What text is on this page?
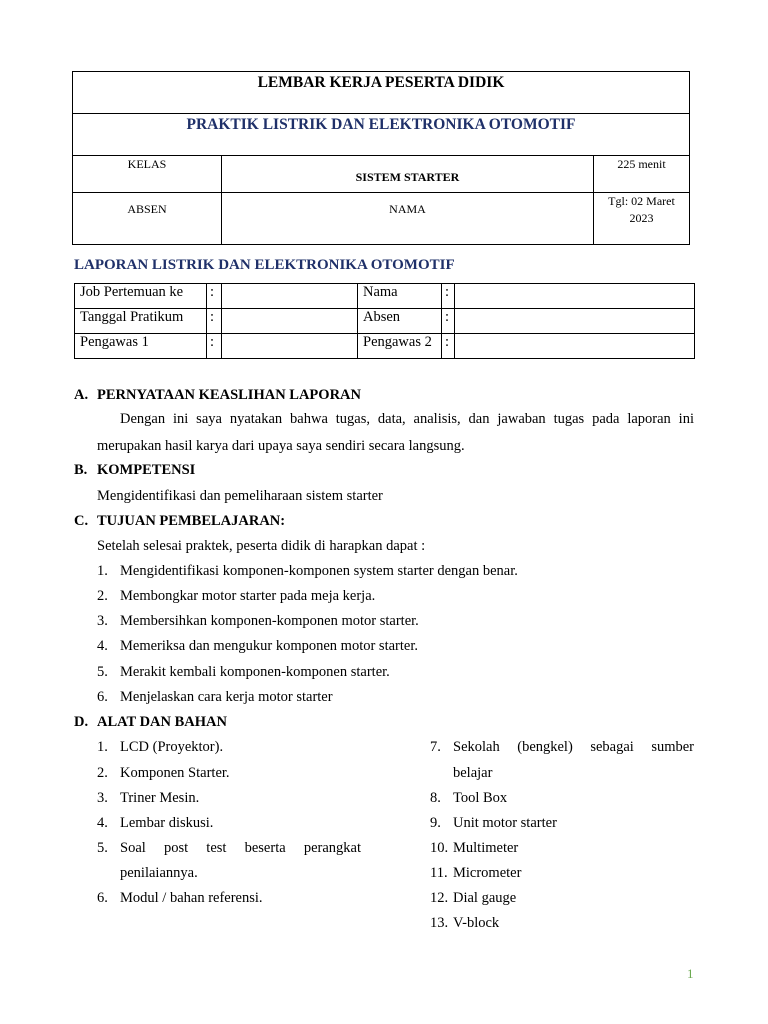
LEMBAR KERJA PESERTA DIDIK		

PRAKTIK LISTRIK DAN ELEKTRONIKA OTOMOTIF		

KELAS	SISTEM STARTER	225 menit

ABSEN	NAMA	Tgl: 02 Maret
2023
LAPORAN LISTRIK DAN ELEKTRONIKA OTOMOTIF
Job Pertemuan ke	:		Nama	:	
Tanggal Pratikum	:		Absen	:	
Pengawas 1	:		Pengawas 2	:	
A. PERNYATAAN KEASLIHAN LAPORAN
Dengan ini saya nyatakan bahwa tugas, data, analisis, dan jawaban tugas pada laporan ini
merupakan hasil karya dari upaya saya sendiri secara langsung.
B. KOMPETENSI
Mengidentifikasi dan pemeliharaan sistem starter
C. TUJUAN PEMBELAJARAN:
Setelah selesai praktek, peserta didik di harapkan dapat :
1. Mengidentifikasi komponen-komponen system starter dengan benar.
2. Membongkar motor starter pada meja kerja.
3. Membersihkan komponen-komponen motor starter.
4. Memeriksa dan mengukur komponen motor starter.
5. Merakit kembali komponen-komponen starter.
6. Menjelaskan cara kerja motor starter
D. ALAT DAN BAHAN
1. LCD (Proyektor).
2. Komponen Starter.
3. Triner Mesin.
4. Lembar diskusi.
5. Soal post test beserta perangkat
penilaiannya.
6. Modul / bahan referensi.
7. Sekolah (bengkel) sebagai sumber
belajar
8. Tool Box
9. Unit motor starter
10. Multimeter
11. Micrometer
12. Dial gauge
13. V-block
1
